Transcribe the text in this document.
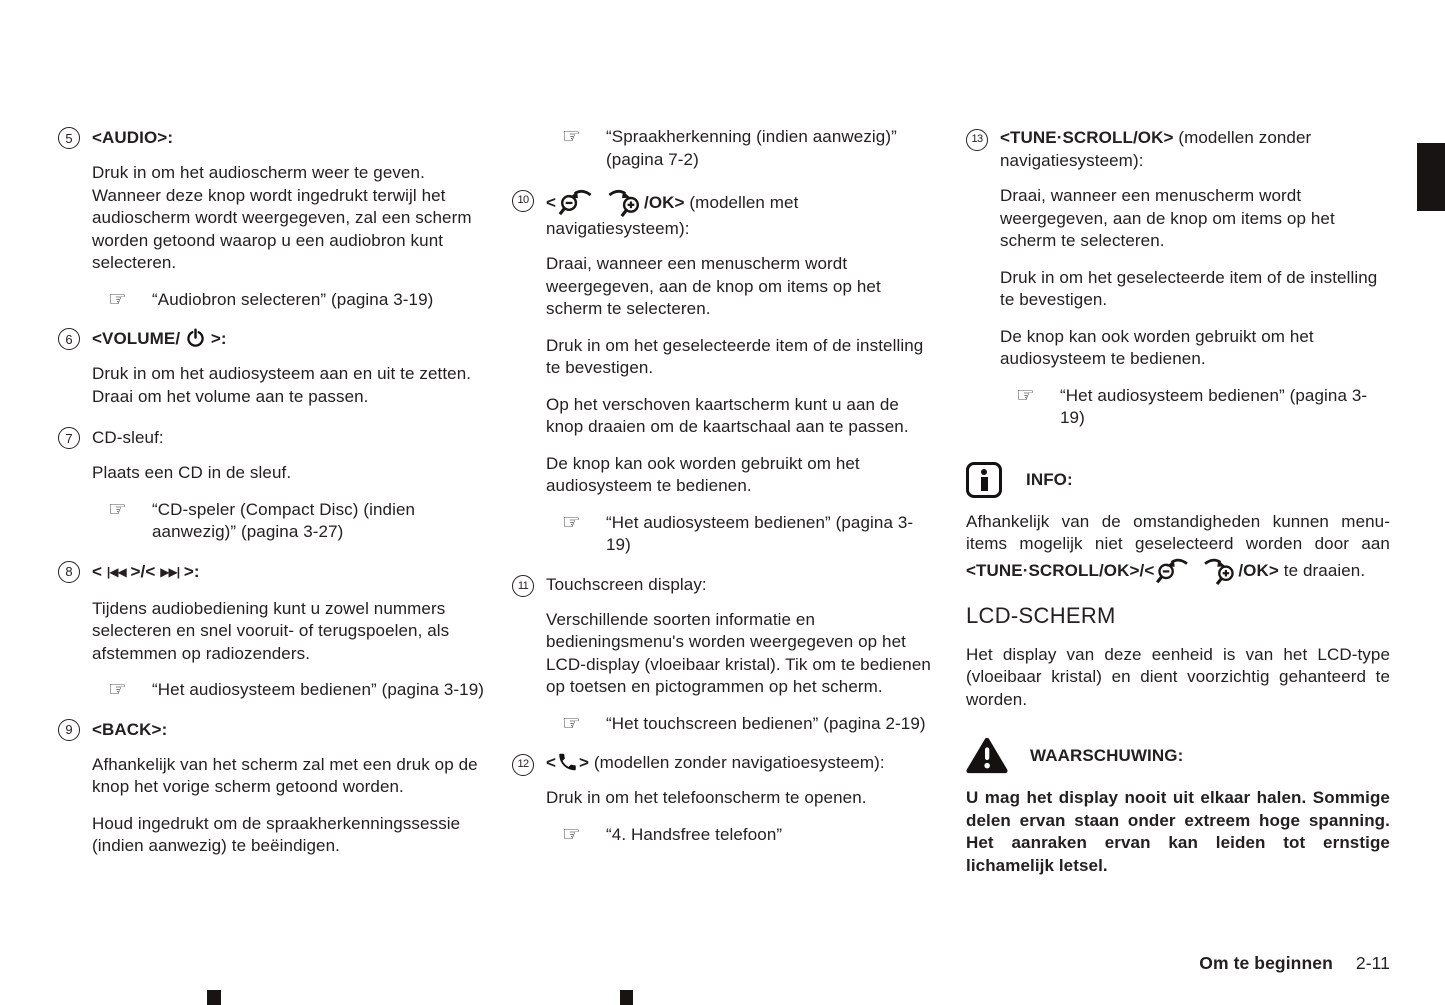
5	<AUDIO>:

Druk in om het audioscherm weer te geven. Wanneer deze knop wordt ingedrukt terwijl het audioscherm wordt weergegeven, zal een scherm worden getoond waarop u een audiobron kunt selecteren.

☞	“Audiobron selecteren” (pagina 3-19)
6	<VOLUME/ >:

Druk in om het audiosysteem aan en uit te zetten. Draai om het volume aan te passen.

7	CD-sleuf:

Plaats een CD in de sleuf.

☞	“CD-speler (Compact Disc) (indien aanwezig)” (pagina 3-27)
8	< |◀◀ >/< ▶▶| >:

Tijdens audiobediening kunt u zowel nummers selecteren en snel vooruit- of terugspoelen, als afstemmen op radiozenders.

☞	“Het audiosysteem bedienen” (pagina 3-19)
9	<BACK>:

Afhankelijk van het scherm zal met een druk op de knop het vorige scherm getoond worden.

Houd ingedrukt om de spraakherkenningssessie (indien aanwezig) te beëindigen.

☞	“Spraakherkenning (indien aanwezig)” (pagina 7-2)
10	<	/OK> (modellen met navigatiesysteem):

Draai, wanneer een menuscherm wordt weergegeven, aan de knop om items op het scherm te selecteren.

Druk in om het geselecteerde item of de instelling te bevestigen.

Op het verschoven kaartscherm kunt u aan de knop draaien om de kaartschaal aan te passen.

De knop kan ook worden gebruikt om het audiosysteem te bedienen.

☞	“Het audiosysteem bedienen” (pagina 3-19)
11	Touchscreen display:

Verschillende soorten informatie en bedieningsmenu's worden weergegeven op het LCD-display (vloeibaar kristal). Tik om te bedienen op toetsen en pictogrammen op het scherm.

☞	“Het touchscreen bedienen” (pagina 2-19)
12	< > (modellen zonder navigatioesysteem):

Druk in om het telefoonscherm te openen.

☞	“4. Handsfree telefoon”
13	<TUNE·SCROLL/OK> (modellen zonder navigatiesysteem):

Draai, wanneer een menuscherm wordt weergegeven, aan de knop om items op het scherm te selecteren.

Druk in om het geselecteerde item of de instelling te bevestigen.

De knop kan ook worden gebruikt om het audiosysteem te bedienen.

☞	“Het audiosysteem bedienen” (pagina 3-19)
INFO:

Afhankelijk van de omstandigheden kunnen menu-items mogelijk niet geselecteerd worden door aan <TUNE·SCROLL/OK>/<	/OK> te draaien.

LCD-SCHERM

Het display van deze eenheid is van het LCD-type (vloeibaar kristal) en dient voorzichtig gehanteerd te worden.

WAARSCHUWING:

U mag het display nooit uit elkaar halen. Sommige delen ervan staan onder extreem hoge spanning. Het aanraken ervan kan leiden tot ernstige lichamelijk letsel.

Om te beginnen 2-11
